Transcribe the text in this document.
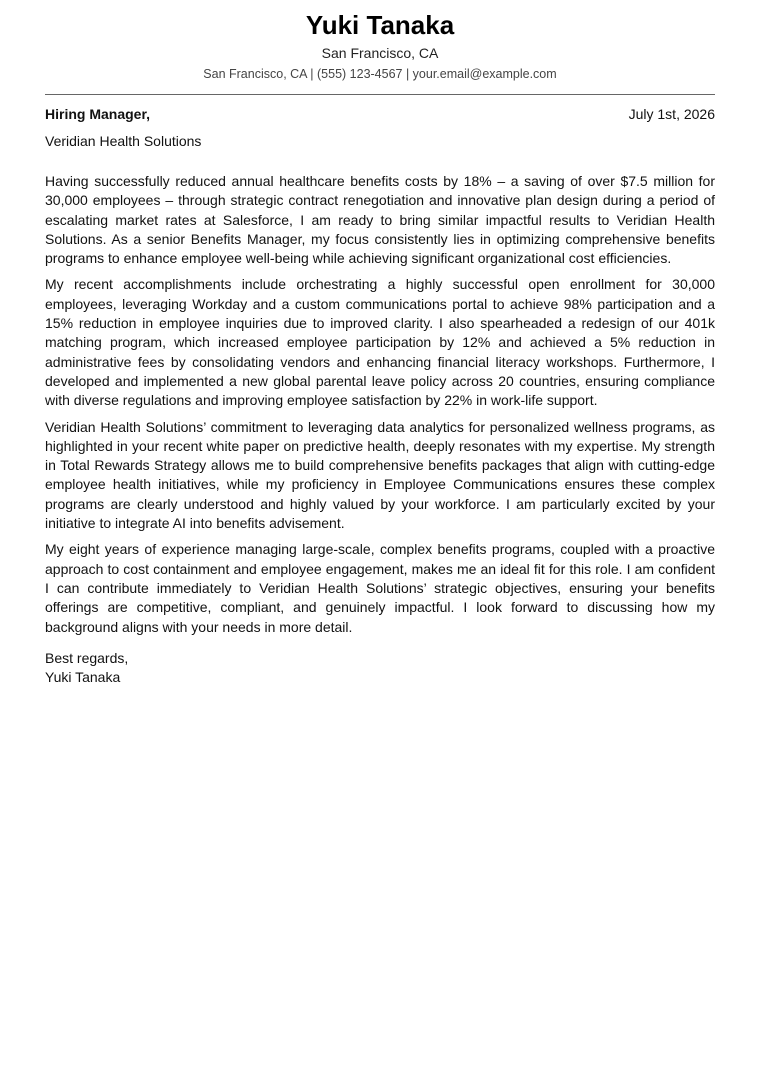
Yuki Tanaka
San Francisco, CA
San Francisco, CA | (555) 123-4567 | your.email@example.com
Hiring Manager,	July 1st, 2026
Veridian Health Solutions

Having successfully reduced annual healthcare benefits costs by 18% – a saving of over $7.5 million for 30,000 employees – through strategic contract renegotiation and innovative plan design during a period of escalating market rates at Salesforce, I am ready to bring similar impactful results to Veridian Health Solutions. As a senior Benefits Manager, my focus consistently lies in optimizing comprehensive benefits programs to enhance employee well-being while achieving significant organizational cost efficiencies.

My recent accomplishments include orchestrating a highly successful open enrollment for 30,000 employees, leveraging Workday and a custom communications portal to achieve 98% participation and a 15% reduction in employee inquiries due to improved clarity. I also spearheaded a redesign of our 401k matching program, which increased employee participation by 12% and achieved a 5% reduction in administrative fees by consolidating vendors and enhancing financial literacy workshops. Furthermore, I developed and implemented a new global parental leave policy across 20 countries, ensuring compliance with diverse regulations and improving employee satisfaction by 22% in work-life support.

Veridian Health Solutions’ commitment to leveraging data analytics for personalized wellness programs, as highlighted in your recent white paper on predictive health, deeply resonates with my expertise. My strength in Total Rewards Strategy allows me to build comprehensive benefits packages that align with cutting-edge employee health initiatives, while my proficiency in Employee Communications ensures these complex programs are clearly understood and highly valued by your workforce. I am particularly excited by your initiative to integrate AI into benefits advisement.

My eight years of experience managing large-scale, complex benefits programs, coupled with a proactive approach to cost containment and employee engagement, makes me an ideal fit for this role. I am confident I can contribute immediately to Veridian Health Solutions’ strategic objectives, ensuring your benefits offerings are competitive, compliant, and genuinely impactful. I look forward to discussing how my background aligns with your needs in more detail.

Best regards,
Yuki Tanaka
